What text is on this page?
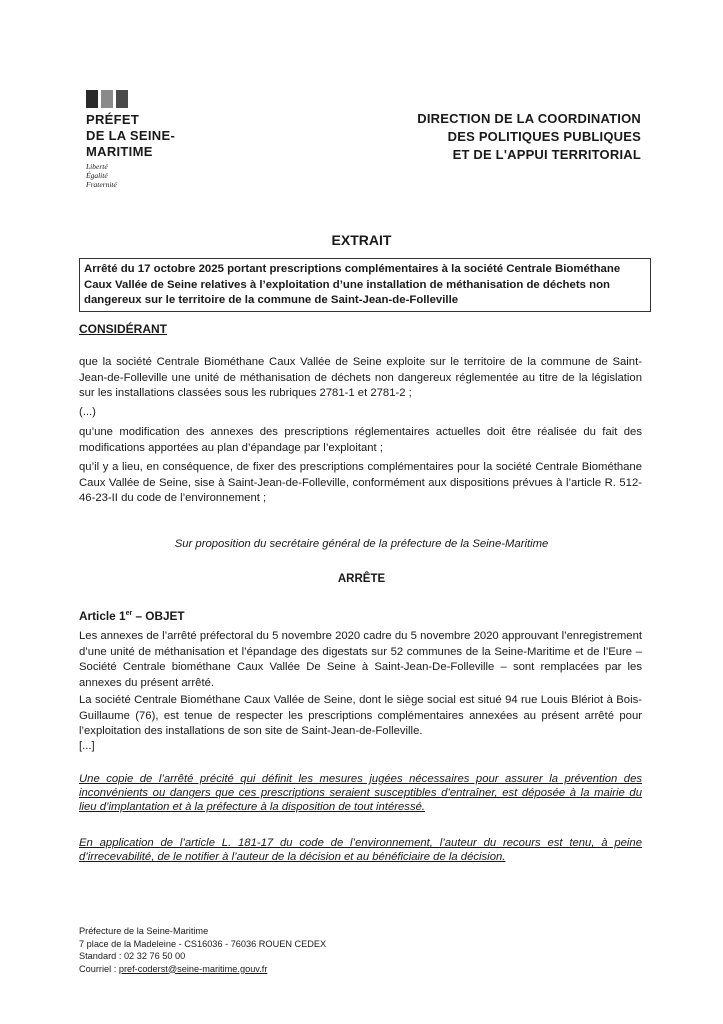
PRÉFET
DE LA SEINE-
MARITIME
Liberté
Égalité
Fraternité
DIRECTION DE LA COORDINATION
DES POLITIQUES PUBLIQUES
ET DE L'APPUI TERRITORIAL
EXTRAIT
Arrêté du 17 octobre 2025 portant prescriptions complémentaires à la société Centrale Biométhane Caux Vallée de Seine relatives à l’exploitation d’une installation de méthanisation de déchets non dangereux sur le territoire de la commune de Saint-Jean-de-Folleville
CONSIDÉRANT
que la société Centrale Biométhane Caux Vallée de Seine exploite sur le territoire de la commune de Saint-Jean-de-Folleville une unité de méthanisation de déchets non dangereux réglementée au titre de la législation sur les installations classées sous les rubriques 2781-1 et 2781-2 ;
(...)
qu’une modification des annexes des prescriptions réglementaires actuelles doit être réalisée du fait des modifications apportées au plan d’épandage par l’exploitant ;
qu’il y a lieu, en conséquence, de fixer des prescriptions complémentaires pour la société Centrale Biométhane Caux Vallée de Seine, sise à Saint-Jean-de-Folleville, conformément aux dispositions prévues à l’article R. 512-46-23-II du code de l’environnement ;
Sur proposition du secrétaire général de la préfecture de la Seine-Maritime
ARRÊTE
Article 1er – OBJET
Les annexes de l’arrêté préfectoral du 5 novembre 2020 cadre du 5 novembre 2020 approuvant l’enregistrement d’une unité de méthanisation et l’épandage des digestats sur 52 communes de la Seine-Maritime et de l’Eure – Société Centrale biométhane Caux Vallée De Seine à Saint-Jean-De-Folleville – sont remplacées par les annexes du présent arrêté.
La société Centrale Biométhane Caux Vallée de Seine, dont le siège social est situé 94 rue Louis Blériot à Bois-Guillaume (76), est tenue de respecter les prescriptions complémentaires annexées au présent arrêté pour l’exploitation des installations de son site de Saint-Jean-de-Folleville.
[...]
Une copie de l’arrêté précité qui définit les mesures jugées nécessaires pour assurer la prévention des inconvénients ou dangers que ces prescriptions seraient susceptibles d’entraîner, est déposée à la mairie du lieu d’implantation et à la préfecture à la disposition de tout intéressé.
En application de l’article L. 181-17 du code de l’environnement, l’auteur du recours est tenu, à peine d’irrecevabilité, de le notifier à l’auteur de la décision et au bénéficiaire de la décision.
Préfecture de la Seine-Maritime
7 place de la Madeleine - CS16036 - 76036 ROUEN CEDEX
Standard : 02 32 76 50 00
Courriel : pref-coderst@seine-maritime.gouv.fr
